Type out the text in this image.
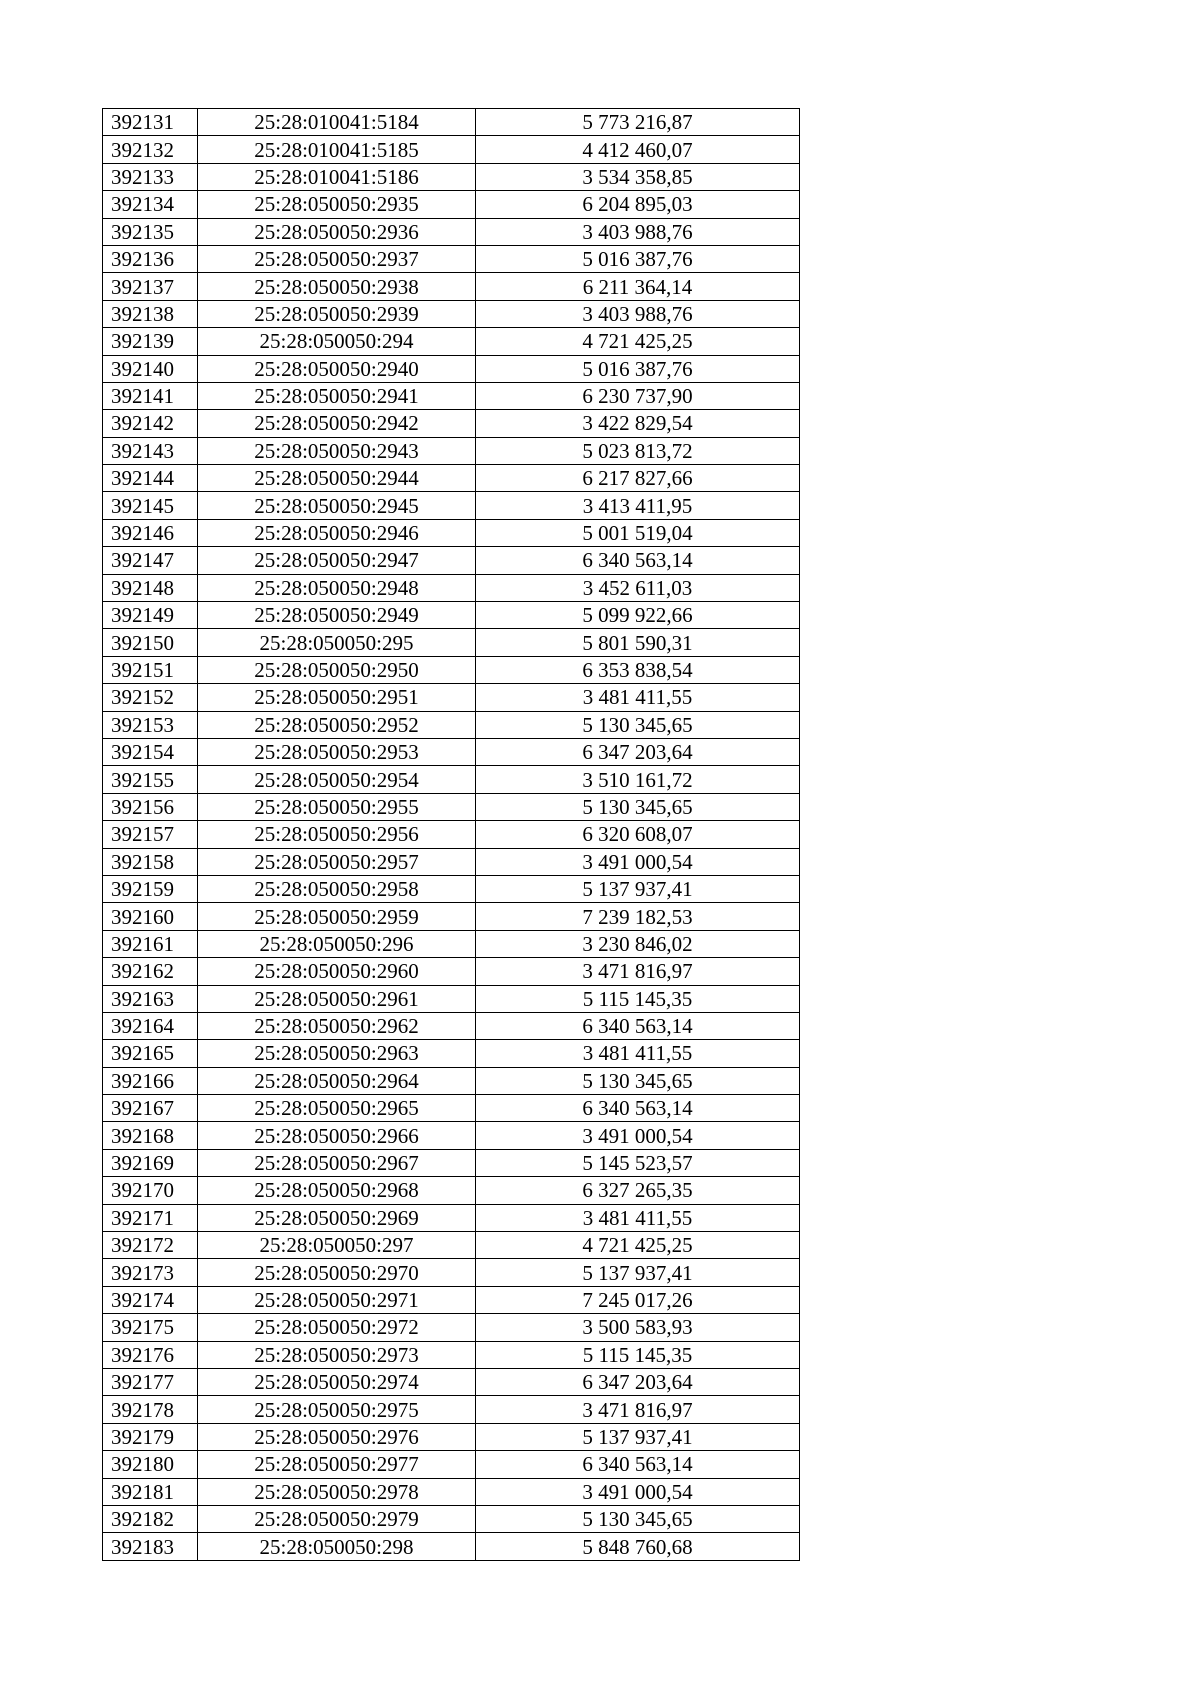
392131	25:28:010041:5184	5 773 216,87
392132	25:28:010041:5185	4 412 460,07
392133	25:28:010041:5186	3 534 358,85
392134	25:28:050050:2935	6 204 895,03
392135	25:28:050050:2936	3 403 988,76
392136	25:28:050050:2937	5 016 387,76
392137	25:28:050050:2938	6 211 364,14
392138	25:28:050050:2939	3 403 988,76
392139	25:28:050050:294	4 721 425,25
392140	25:28:050050:2940	5 016 387,76
392141	25:28:050050:2941	6 230 737,90
392142	25:28:050050:2942	3 422 829,54
392143	25:28:050050:2943	5 023 813,72
392144	25:28:050050:2944	6 217 827,66
392145	25:28:050050:2945	3 413 411,95
392146	25:28:050050:2946	5 001 519,04
392147	25:28:050050:2947	6 340 563,14
392148	25:28:050050:2948	3 452 611,03
392149	25:28:050050:2949	5 099 922,66
392150	25:28:050050:295	5 801 590,31
392151	25:28:050050:2950	6 353 838,54
392152	25:28:050050:2951	3 481 411,55
392153	25:28:050050:2952	5 130 345,65
392154	25:28:050050:2953	6 347 203,64
392155	25:28:050050:2954	3 510 161,72
392156	25:28:050050:2955	5 130 345,65
392157	25:28:050050:2956	6 320 608,07
392158	25:28:050050:2957	3 491 000,54
392159	25:28:050050:2958	5 137 937,41
392160	25:28:050050:2959	7 239 182,53
392161	25:28:050050:296	3 230 846,02
392162	25:28:050050:2960	3 471 816,97
392163	25:28:050050:2961	5 115 145,35
392164	25:28:050050:2962	6 340 563,14
392165	25:28:050050:2963	3 481 411,55
392166	25:28:050050:2964	5 130 345,65
392167	25:28:050050:2965	6 340 563,14
392168	25:28:050050:2966	3 491 000,54
392169	25:28:050050:2967	5 145 523,57
392170	25:28:050050:2968	6 327 265,35
392171	25:28:050050:2969	3 481 411,55
392172	25:28:050050:297	4 721 425,25
392173	25:28:050050:2970	5 137 937,41
392174	25:28:050050:2971	7 245 017,26
392175	25:28:050050:2972	3 500 583,93
392176	25:28:050050:2973	5 115 145,35
392177	25:28:050050:2974	6 347 203,64
392178	25:28:050050:2975	3 471 816,97
392179	25:28:050050:2976	5 137 937,41
392180	25:28:050050:2977	6 340 563,14
392181	25:28:050050:2978	3 491 000,54
392182	25:28:050050:2979	5 130 345,65
392183	25:28:050050:298	5 848 760,68
